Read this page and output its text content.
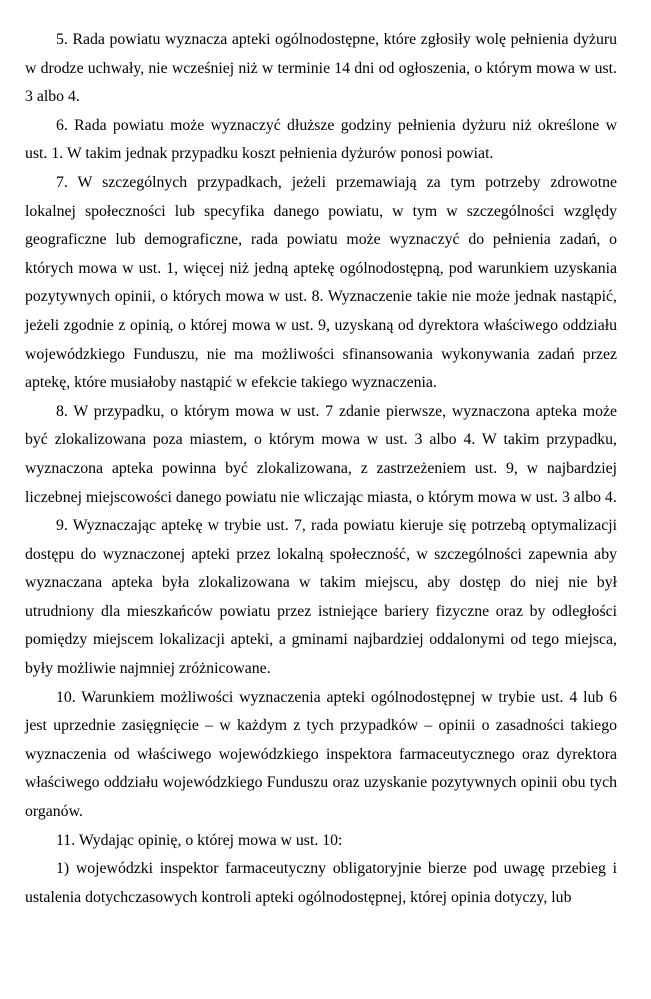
5. Rada powiatu wyznacza apteki ogólnodostępne, które zgłosiły wolę pełnienia dyżuru w drodze uchwały, nie wcześniej niż w terminie 14 dni od ogłoszenia, o którym mowa w ust. 3 albo 4.

6. Rada powiatu może wyznaczyć dłuższe godziny pełnienia dyżuru niż określone w ust. 1. W takim jednak przypadku koszt pełnienia dyżurów ponosi powiat.

7. W szczególnych przypadkach, jeżeli przemawiają za tym potrzeby zdrowotne lokalnej społeczności lub specyfika danego powiatu, w tym w szczególności względy geograficzne lub demograficzne, rada powiatu może wyznaczyć do pełnienia zadań, o których mowa w ust. 1, więcej niż jedną aptekę ogólnodostępną, pod warunkiem uzyskania pozytywnych opinii, o których mowa w ust. 8. Wyznaczenie takie nie może jednak nastąpić, jeżeli zgodnie z opinią, o której mowa w ust. 9, uzyskaną od dyrektora właściwego oddziału wojewódzkiego Funduszu, nie ma możliwości sfinansowania wykonywania zadań przez aptekę, które musiałoby nastąpić w efekcie takiego wyznaczenia.

8. W przypadku, o którym mowa w ust. 7 zdanie pierwsze, wyznaczona apteka może być zlokalizowana poza miastem, o którym mowa w ust. 3 albo 4. W takim przypadku, wyznaczona apteka powinna być zlokalizowana, z zastrzeżeniem ust. 9, w najbardziej liczebnej miejscowości danego powiatu nie wliczając miasta, o którym mowa w ust. 3 albo 4.

9. Wyznaczając aptekę w trybie ust. 7, rada powiatu kieruje się potrzebą optymalizacji dostępu do wyznaczonej apteki przez lokalną społeczność, w szczególności zapewnia aby wyznaczana apteka była zlokalizowana w takim miejscu, aby dostęp do niej nie był utrudniony dla mieszkańców powiatu przez istniejące bariery fizyczne oraz by odległości pomiędzy miejscem lokalizacji apteki, a gminami najbardziej oddalonymi od tego miejsca, były możliwie najmniej zróżnicowane.

10. Warunkiem możliwości wyznaczenia apteki ogólnodostępnej w trybie ust. 4 lub 6 jest uprzednie zasięgnięcie – w każdym z tych przypadków – opinii o zasadności takiego wyznaczenia od właściwego wojewódzkiego inspektora farmaceutycznego oraz dyrektora właściwego oddziału wojewódzkiego Funduszu oraz uzyskanie pozytywnych opinii obu tych organów.

11. Wydając opinię, o której mowa w ust. 10:

1) wojewódzki inspektor farmaceutyczny obligatoryjnie bierze pod uwagę przebieg i ustalenia dotychczasowych kontroli apteki ogólnodostępnej, której opinia dotyczy, lub
